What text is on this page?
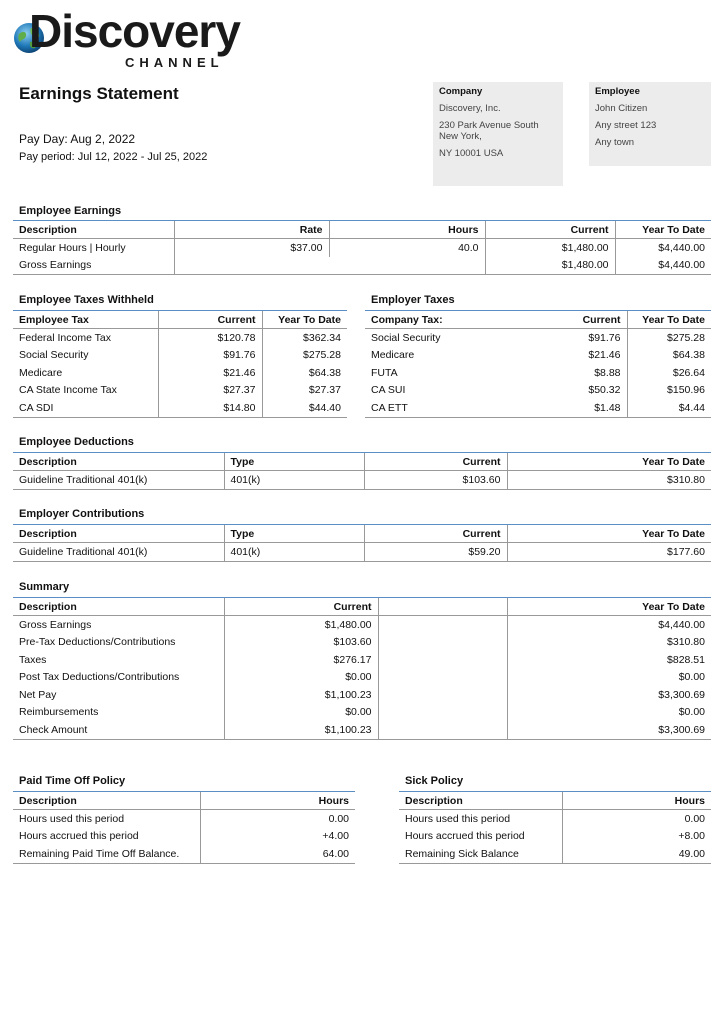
Discovery
CHANNEL
Earnings Statement
Pay Day: Aug 2, 2022
Pay period: Jul 12, 2022 - Jul 25, 2022
Company
Discovery, Inc.
230 Park Avenue South New York,
NY 10001 USA
Employee
John Citizen
Any street 123
Any town
Employee Earnings
Description	Rate	Hours	Current	Year To Date
Regular Hours | Hourly	$37.00	40.0	$1,480.00	$4,440.00
Gross Earnings			$1,480.00	$4,440.00
Employee Taxes Withheld
Employee Tax	Current	Year To Date
Federal Income Tax	$120.78	$362.34
Social Security	$91.76	$275.28
Medicare	$21.46	$64.38
CA State Income Tax	$27.37	$27.37
CA SDI	$14.80	$44.40
Employer Taxes
Company Tax:	Current	Year To Date
Social Security	$91.76	$275.28
Medicare	$21.46	$64.38
FUTA	$8.88	$26.64
CA SUI	$50.32	$150.96
CA ETT	$1.48	$4.44
Employee Deductions
Description	Type	Current	Year To Date
Guideline Traditional 401(k)	401(k)	$103.60	$310.80
Employer Contributions
Description	Type	Current	Year To Date
Guideline Traditional 401(k)	401(k)	$59.20	$177.60
Summary
Description	Current		Year To Date
Gross Earnings	$1,480.00		$4,440.00
Pre-Tax Deductions/Contributions	$103.60		$310.80
Taxes	$276.17		$828.51
Post Tax Deductions/Contributions	$0.00		$0.00
Net Pay	$1,100.23		$3,300.69
Reimbursements	$0.00		$0.00
Check Amount	$1,100.23		$3,300.69
Paid Time Off Policy
Description	Hours
Hours used this period	0.00
Hours accrued this period	+4.00
Remaining Paid Time Off Balance.	64.00
Sick Policy
Description	Hours
Hours used this period	0.00
Hours accrued this period	+8.00
Remaining Sick Balance	49.00
